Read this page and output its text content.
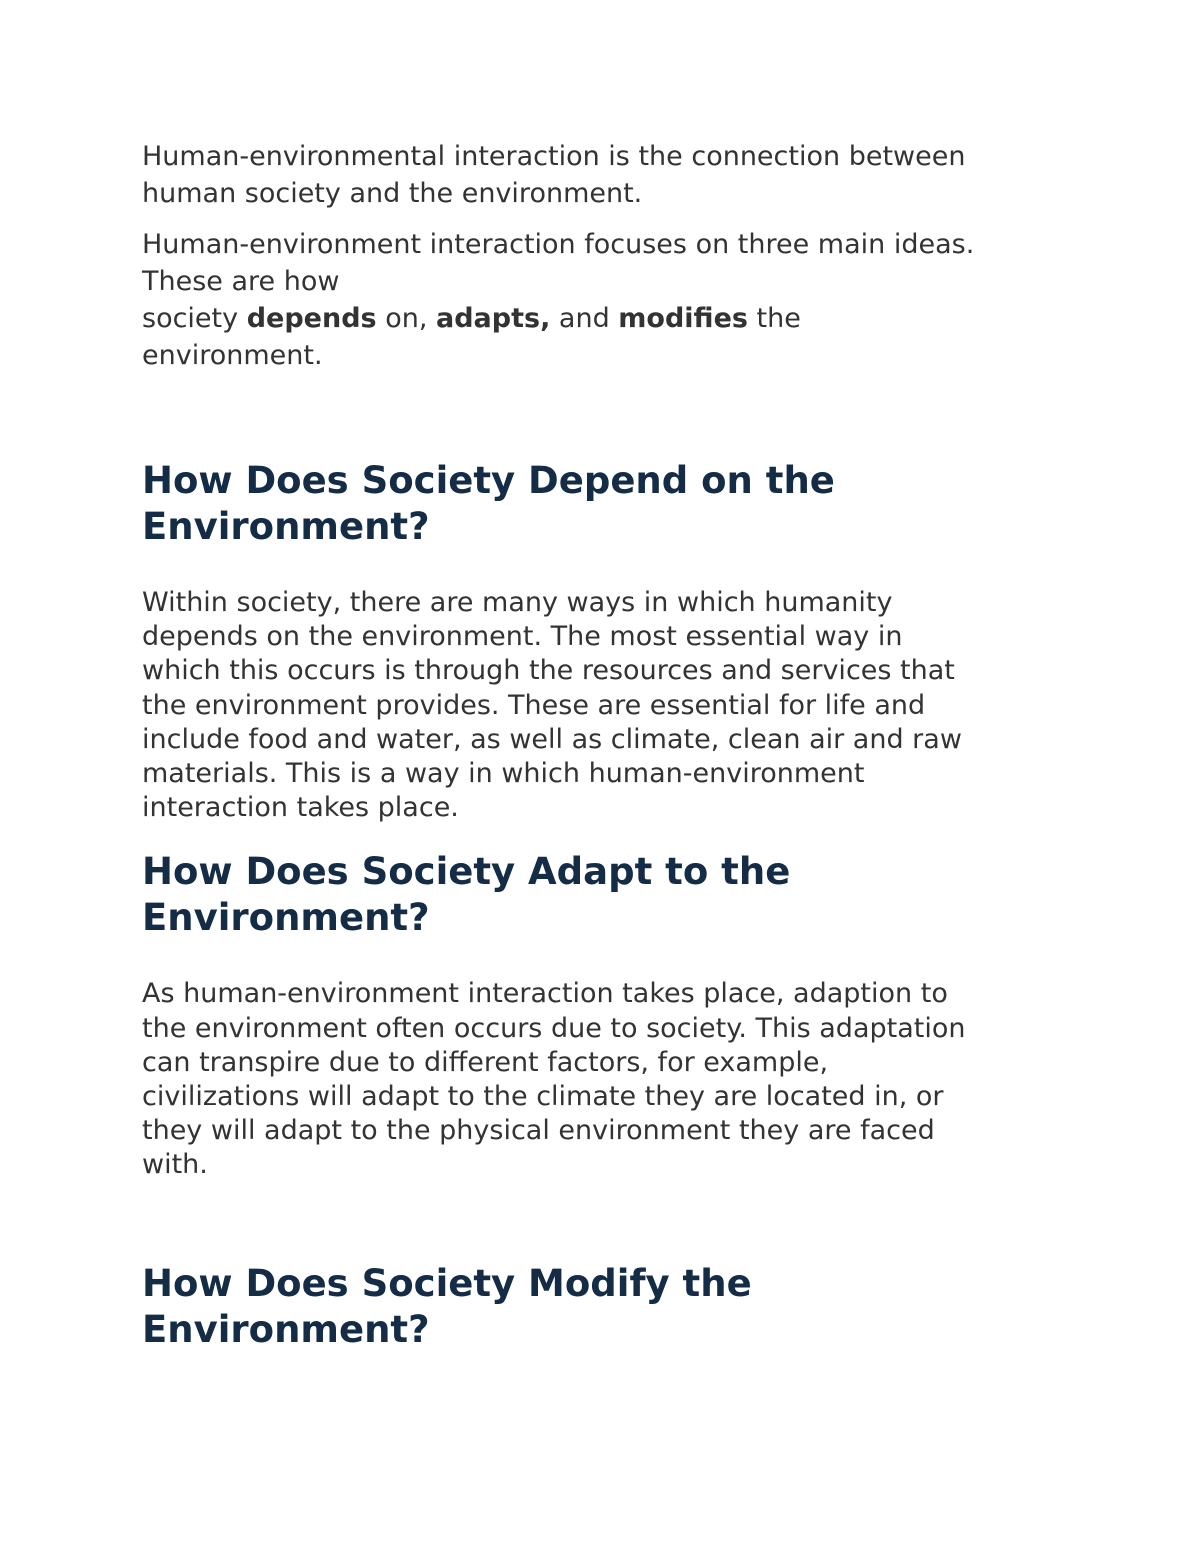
Human-environmental interaction is the connection between
human society and the environment.

Human-environment interaction focuses on three main ideas.
These are how
society depends on, adapts, and modifies the
environment.

How Does Society Depend on the
Environment?

Within society, there are many ways in which humanity
depends on the environment. The most essential way in
which this occurs is through the resources and services that
the environment provides. These are essential for life and
include food and water, as well as climate, clean air and raw
materials. This is a way in which human-environment
interaction takes place.

How Does Society Adapt to the
Environment?

As human-environment interaction takes place, adaption to
the environment often occurs due to society. This adaptation
can transpire due to different factors, for example,
civilizations will adapt to the climate they are located in, or
they will adapt to the physical environment they are faced
with.

How Does Society Modify the
Environment?
